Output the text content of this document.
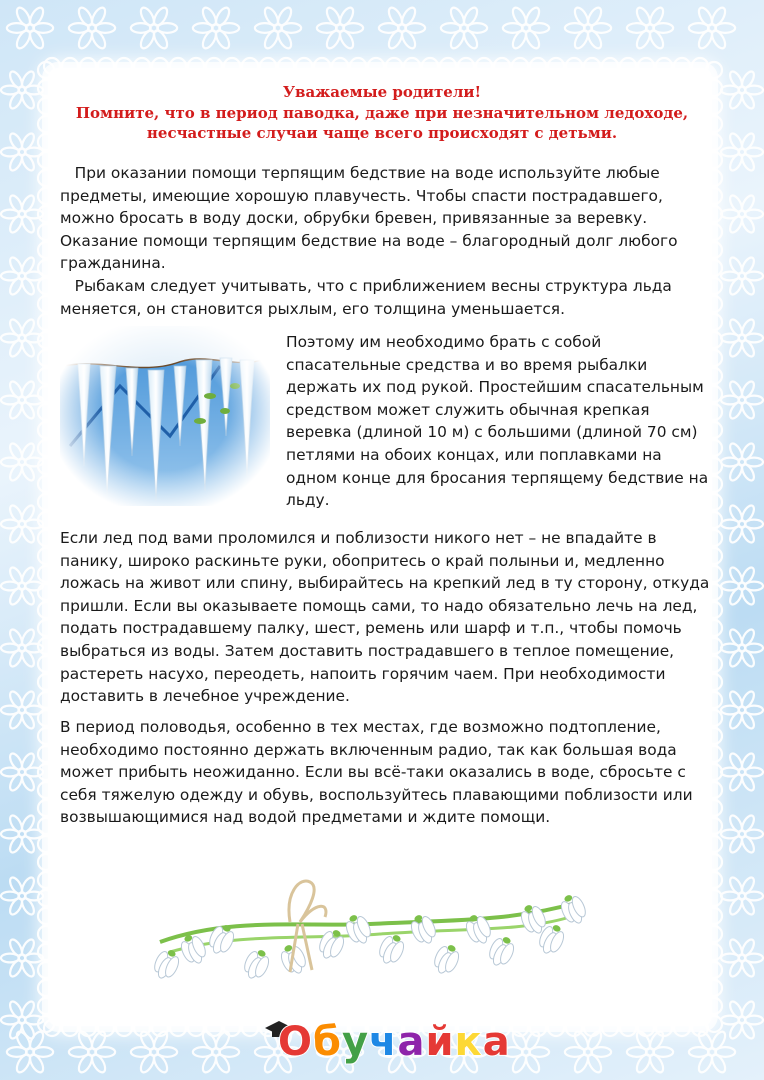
Уважаемые родители!
Помните, что в период паводка, даже при незначительном ледоходе,
несчастные случаи чаще всего происходят с детьми.
При оказании помощи терпящим бедствие на воде используйте любые
предметы, имеющие хорошую плавучесть. Чтобы спасти пострадавшего,
можно бросать в воду доски, обрубки бревен, привязанные за веревку.
Оказание помощи терпящим бедствие на воде – благородный долг любого
гражданина.
Рыбакам следует учитывать, что с приближением весны структура льда
меняется, он становится рыхлым, его толщина уменьшается.
Поэтому им необходимо брать с собой
спасательные средства и во время рыбалки
держать их под рукой. Простейшим спасательным
средством может служить обычная крепкая
веревка (длиной 10 м) с большими (длиной 70 см)
петлями на обоих концах, или поплавками на
одном конце для бросания терпящему бедствие на
льду.
Если лед под вами проломился и поблизости никого нет – не впадайте в
панику, широко раскиньте руки, обопритесь о край полыньи и, медленно
ложась на живот или спину, выбирайтесь на крепкий лед в ту сторону, откуда
пришли. Если вы оказываете помощь сами, то надо обязательно лечь на лед,
подать пострадавшему палку, шест, ремень или шарф и т.п., чтобы помочь
выбраться из воды. Затем доставить пострадавшего в теплое помещение,
растереть насухо, переодеть, напоить горячим чаем. При необходимости
доставить в лечебное учреждение.
В период половодья, особенно в тех местах, где возможно подтопление,
необходимо постоянно держать включенным радио, так как большая вода
может прибыть неожиданно. Если вы всё-таки оказались в воде, сбросьте с
себя тяжелую одежду и обувь, воспользуйтесь плавающими поблизости или
возвышающимися над водой предметами и ждите помощи.
Обучайка
